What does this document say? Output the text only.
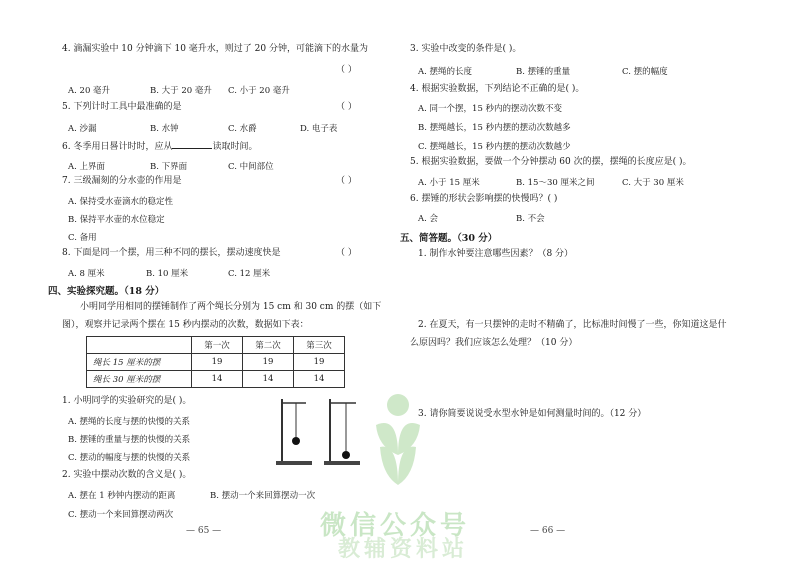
4. 滴漏实验中 10 分钟滴下 10 毫升水，则过了 20 分钟，可能滴下的水量为
（ ）
A. 20 毫升	B. 大于 20 毫升 C. 小于 20 毫升
5. 下列计时工具中最准确的是	（ ）
A. 沙漏	B. 水钟	C. 水爵	D. 电子表
6. 冬季用日晷计时时，应从	读取时间。
A. 上界面	B. 下界面	C. 中间部位
7. 三级漏刻的分水壶的作用是	（ ）
A. 保持受水壶滴水的稳定性
B. 保持平水壶的水位稳定
C. 备用
8. 下面是同一个摆，用三种不同的摆长，摆动速度快是	（ ）
A. 8 厘米	B. 10 厘米	C. 12 厘米
四、实验探究题。（18 分）
小明同学用相同的摆锤制作了两个绳长分别为 15 cm 和 30 cm 的摆（如下
图），观察并记录两个摆在 15 秒内摆动的次数，数据如下表：
	第一次	第二次	第三次
绳长 15 厘米的摆	19	19	19
绳长 30 厘米的摆	14	14	14
1. 小明同学的实验研究的是( )。
A. 摆绳的长度与摆的快慢的关系
B. 摆锤的重量与摆的快慢的关系
C. 摆动的幅度与摆的快慢的关系
2. 实验中摆动次数的含义是( )。
A. 摆在 1 秒钟内摆动的距离	B. 摆动一个来回算摆动一次
C. 摆动一个来回算摆动两次
— 65 —
3. 实验中改变的条件是( )。
A. 摆绳的长度	B. 摆锤的重量	C. 摆的幅度
4. 根据实验数据，下列结论不正确的是( )。
A. 同一个摆，15 秒内的摆动次数不变
B. 摆绳越长，15 秒内摆的摆动次数越多
C. 摆绳越长，15 秒内摆的摆动次数越少
5. 根据实验数据，要做一个分钟摆动 60 次的摆，摆绳的长度应是( )。
A. 小于 15 厘米	B. 15～30 厘米之间	C. 大于 30 厘米
6. 摆锤的形状会影响摆的快慢吗？( )
A. 会	B. 不会
五、简答题。（30 分）
1. 制作水钟要注意哪些因素？（8 分）
2. 在夏天，有一只摆钟的走时不精确了，比标准时间慢了一些，你知道这是什
么原因吗？我们应该怎么处理？（10 分）
3. 请你简要说说受水型水钟是如何测量时间的。（12 分）
— 66 —
微信公众号
教辅资料站
